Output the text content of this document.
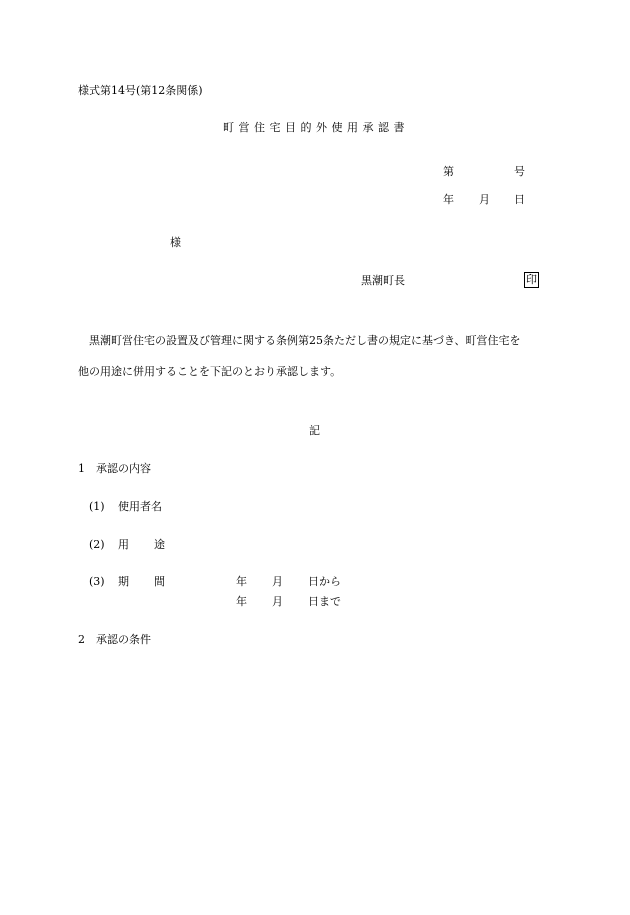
様式第14号(第12条関係)
町営住宅目的外使用承認書
第	号
年 月 日
様
黒潮町長	印
黒潮町営住宅の設置及び管理に関する条例第25条ただし書の規定に基づき、町営住宅を
他の用途に併用することを下記のとおり承認します。
記
1 承認の内容
(1) 使用者名
(2) 用 途
(3) 期 間	年 月 日から
年 月 日まで
2 承認の条件
